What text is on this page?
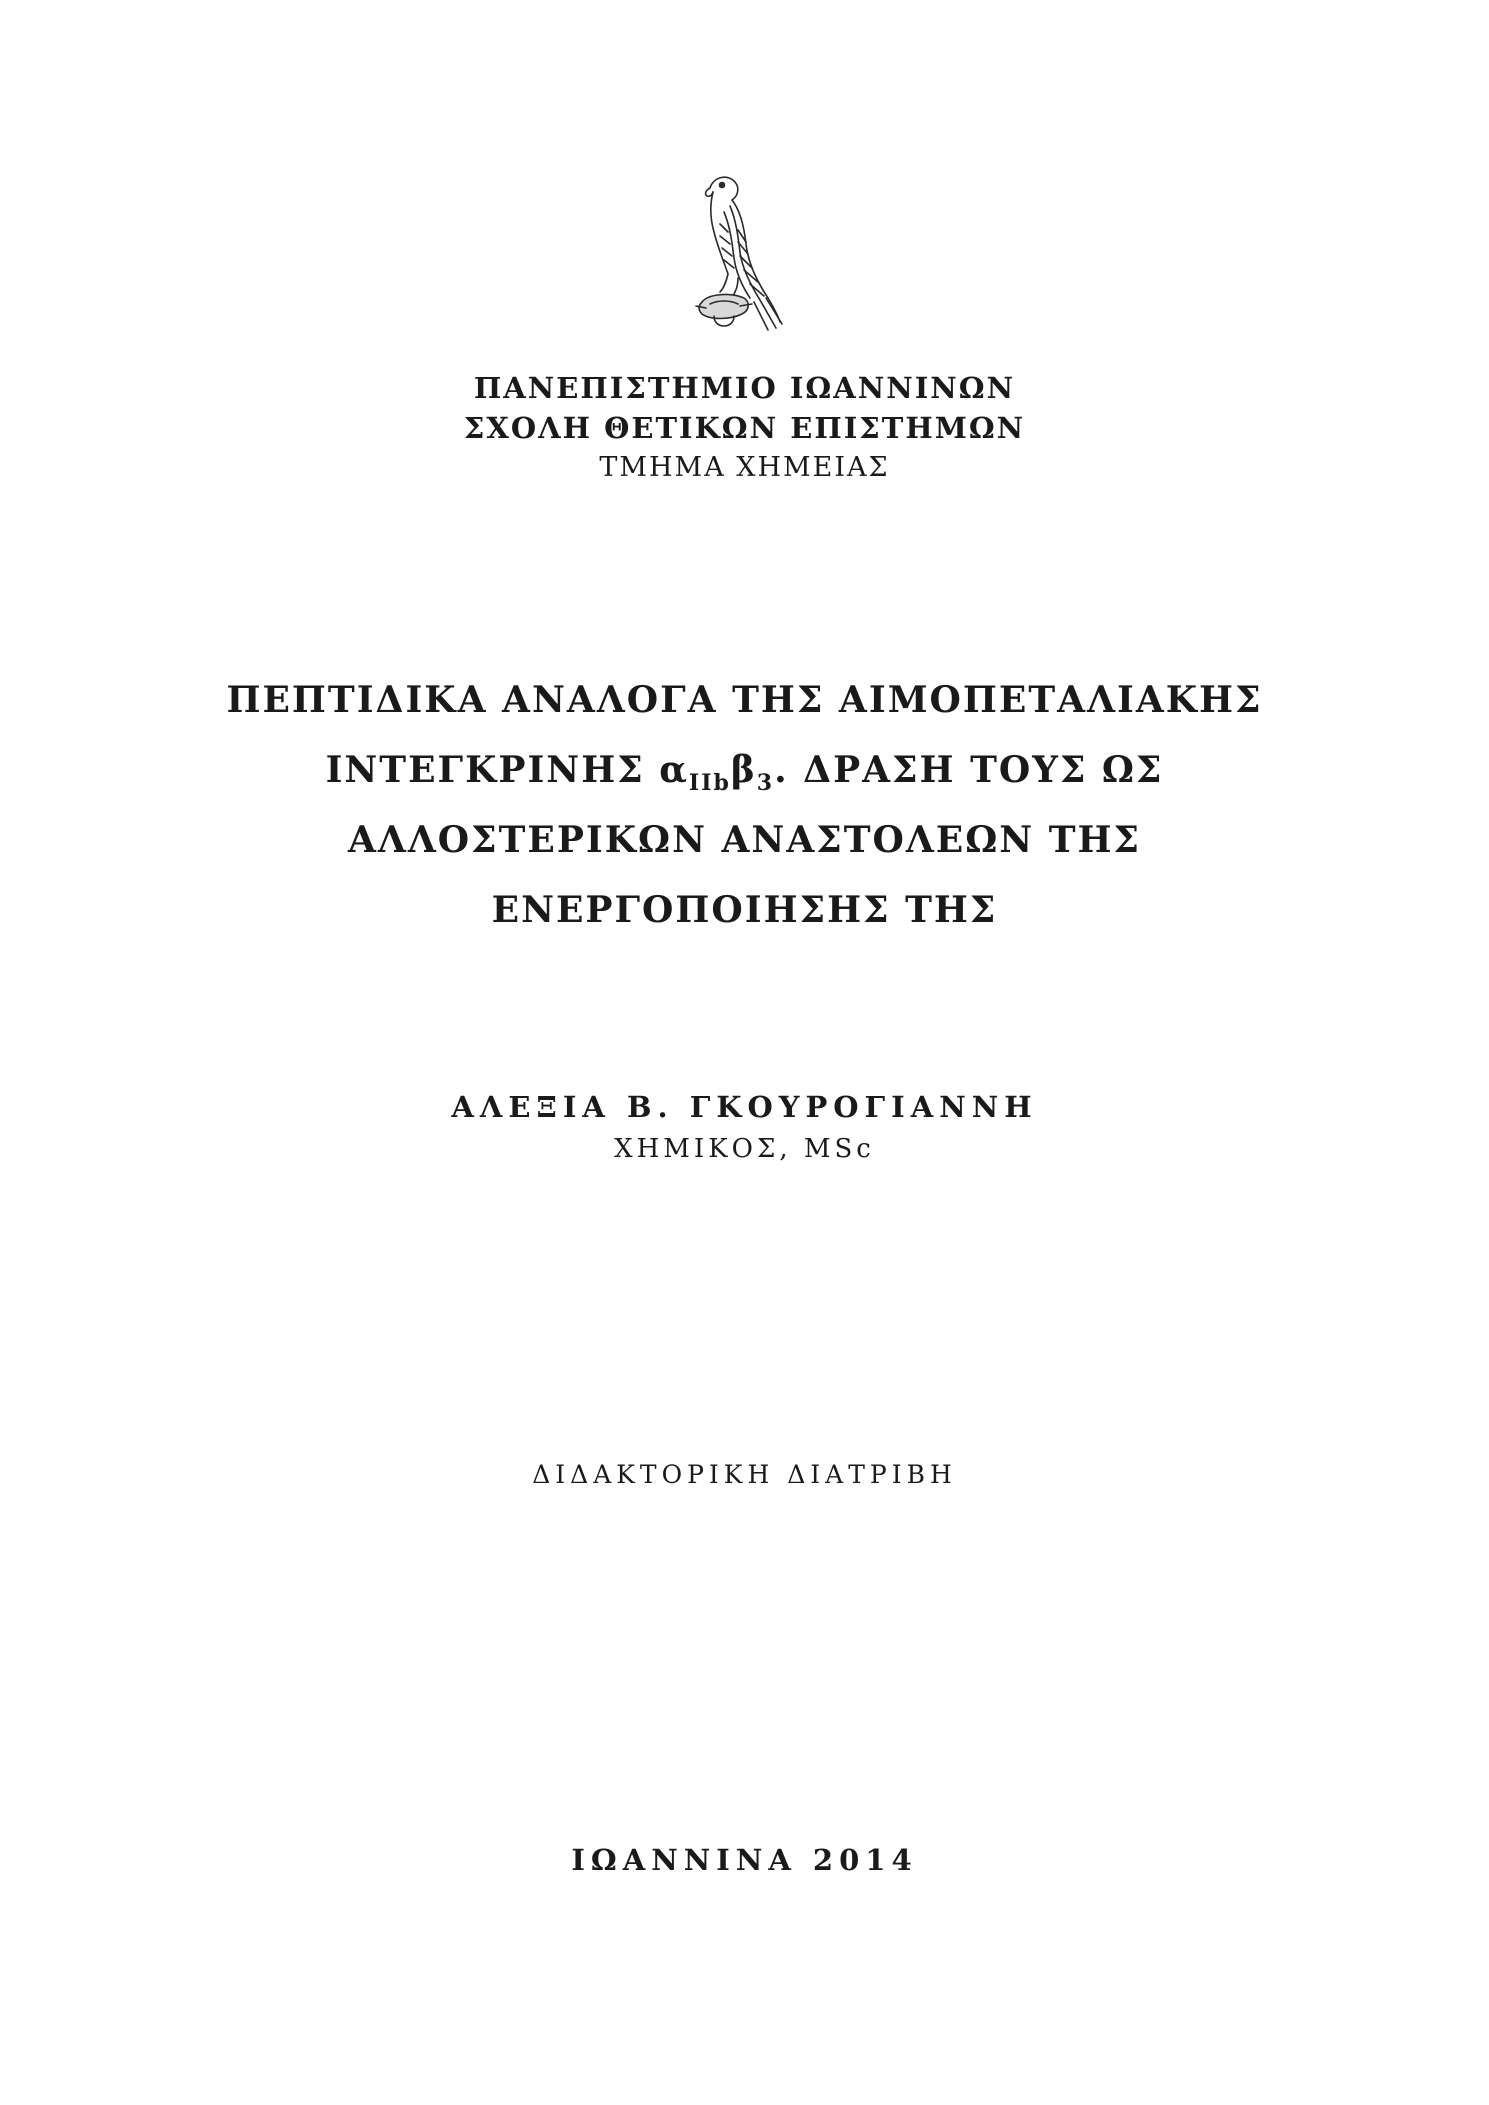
ΠΑΝΕΠΙΣΤΗΜΙΟ ΙΩΑΝΝΙΝΩΝ
ΣΧΟΛΗ ΘΕΤΙΚΩΝ ΕΠΙΣΤΗΜΩΝ
ΤΜΗΜΑ ΧΗΜΕΙΑΣ
ΠΕΠΤΙΔΙΚΑ ΑΝΑΛΟΓΑ ΤΗΣ ΑΙΜΟΠΕΤΑΛΙΑΚΗΣ
ΙΝΤΕΓΚΡΙΝΗΣ $\alpha_{IIb}\beta_3$. ΔΡΑΣΗ ΤΟΥΣ ΩΣ
ΑΛΛΟΣΤΕΡΙΚΩΝ ΑΝΑΣΤΟΛΕΩΝ ΤΗΣ
ΕΝΕΡΓΟΠΟΙΗΣΗΣ ΤΗΣ
ΑΛΕΞΙΑ Β. ΓΚΟΥΡΟΓΙΑΝΝΗ
ΧΗΜΙΚΟΣ, MSc
ΔΙΔΑΚΤΟΡΙΚΗ ΔΙΑΤΡΙΒΗ
ΙΩΑΝΝΙΝΑ 2014
